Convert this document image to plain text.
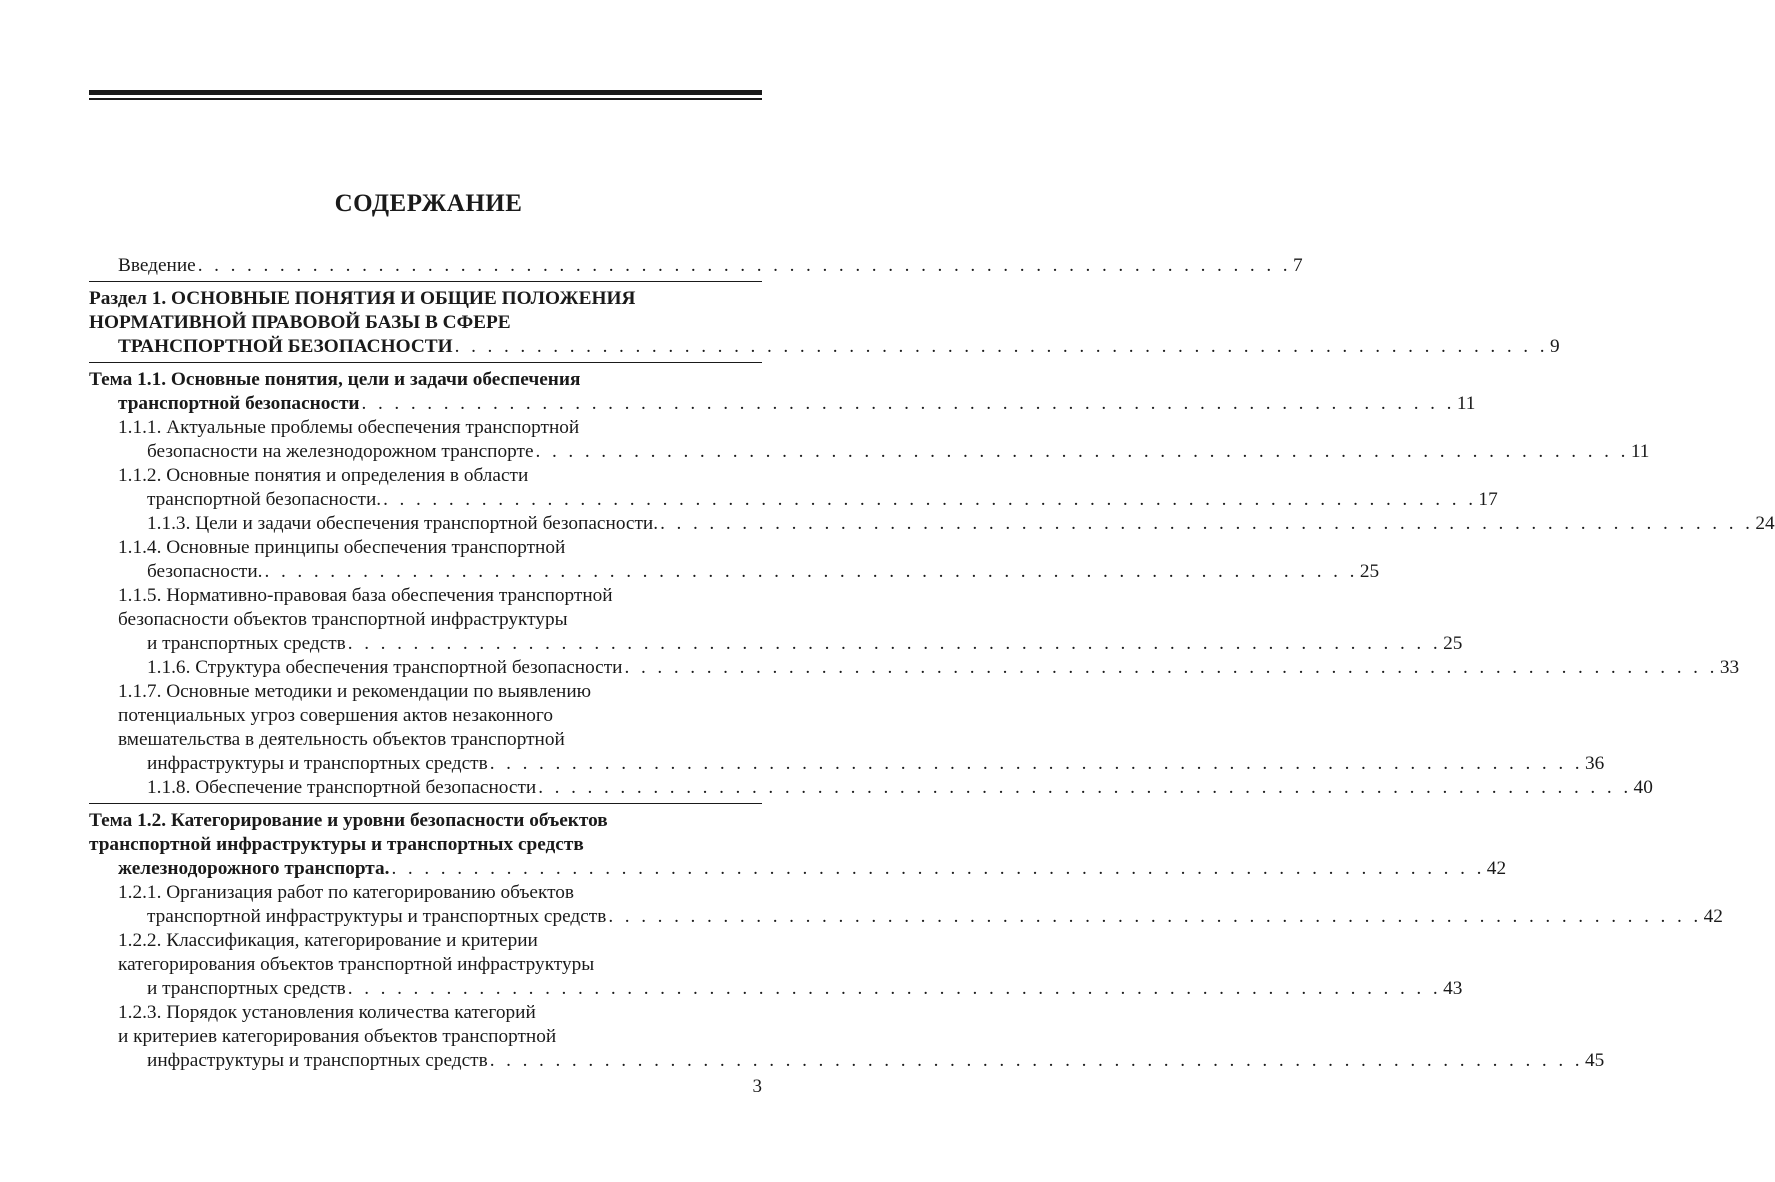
СОДЕРЖАНИЕ
Введение . . . . . . . . . . . . . . . . . . . . . . . . . . . . . . . . . . . . . . . . . . . . . . . . . . . . . . . . . . . . . . . . . . . 7
Раздел 1. ОСНОВНЫЕ ПОНЯТИЯ И ОБЩИЕ ПОЛОЖЕНИЯ
НОРМАТИВНОЙ ПРАВОВОЙ БАЗЫ В СФЕРЕ
ТРАНСПОРТНОЙ БЕЗОПАСНОСТИ . . . . . . . . . . . . . . . . . . . . . . . . . . . . . . . . . . . . . . . . . . . . . . . . . . . . . . . . . . . . . . . . . . . 9
Тема 1.1. Основные понятия, цели и задачи обеспечения
транспортной безопасности . . . . . . . . . . . . . . . . . . . . . . . . . . . . . . . . . . . . . . . . . . . . . . . . . . . . . . . . . . . . . . . . . . . 11
1.1.1. Актуальные проблемы обеспечения транспортной
безопасности на железнодорожном транспорте . . . . . . . . . . . . . . . . . . . . . . . . . . . . . . . . . . . . . . . . . . . . . . . . . . . . . . . . . . . . . . . . . . . 11
1.1.2. Основные понятия и определения в области
транспортной безопасности. . . . . . . . . . . . . . . . . . . . . . . . . . . . . . . . . . . . . . . . . . . . . . . . . . . . . . . . . . . . . . . . . . . . 17
1.1.3. Цели и задачи обеспечения транспортной безопасности. . . . . . . . . . . . . . . . . . . . . . . . . . . . . . . . . . . . . . . . . . . . . . . . . . . . . . . . . . . . . . . . . . . . 24
1.1.4. Основные принципы обеспечения транспортной
безопасности. . . . . . . . . . . . . . . . . . . . . . . . . . . . . . . . . . . . . . . . . . . . . . . . . . . . . . . . . . . . . . . . . . . . 25
1.1.5. Нормативно-правовая база обеспечения транспортной
безопасности объектов транспортной инфраструктуры
и транспортных средств . . . . . . . . . . . . . . . . . . . . . . . . . . . . . . . . . . . . . . . . . . . . . . . . . . . . . . . . . . . . . . . . . . . 25
1.1.6. Структура обеспечения транспортной безопасности . . . . . . . . . . . . . . . . . . . . . . . . . . . . . . . . . . . . . . . . . . . . . . . . . . . . . . . . . . . . . . . . . . . 33
1.1.7. Основные методики и рекомендации по выявлению
потенциальных угроз совершения актов незаконного
вмешательства в деятельность объектов транспортной
инфраструктуры и транспортных средств . . . . . . . . . . . . . . . . . . . . . . . . . . . . . . . . . . . . . . . . . . . . . . . . . . . . . . . . . . . . . . . . . . . 36
1.1.8. Обеспечение транспортной безопасности . . . . . . . . . . . . . . . . . . . . . . . . . . . . . . . . . . . . . . . . . . . . . . . . . . . . . . . . . . . . . . . . . . . 40
Тема 1.2. Категорирование и уровни безопасности объектов
транспортной инфраструктуры и транспортных средств
железнодорожного транспорта. . . . . . . . . . . . . . . . . . . . . . . . . . . . . . . . . . . . . . . . . . . . . . . . . . . . . . . . . . . . . . . . . . . . 42
1.2.1. Организация работ по категорированию объектов
транспортной инфраструктуры и транспортных средств . . . . . . . . . . . . . . . . . . . . . . . . . . . . . . . . . . . . . . . . . . . . . . . . . . . . . . . . . . . . . . . . . . . 42
1.2.2. Классификация, категорирование и критерии
категорирования объектов транспортной инфраструктуры
и транспортных средств . . . . . . . . . . . . . . . . . . . . . . . . . . . . . . . . . . . . . . . . . . . . . . . . . . . . . . . . . . . . . . . . . . . 43
1.2.3. Порядок установления количества категорий
и критериев категорирования объектов транспортной
инфраструктуры и транспортных средств . . . . . . . . . . . . . . . . . . . . . . . . . . . . . . . . . . . . . . . . . . . . . . . . . . . . . . . . . . . . . . . . . . . 45
3
